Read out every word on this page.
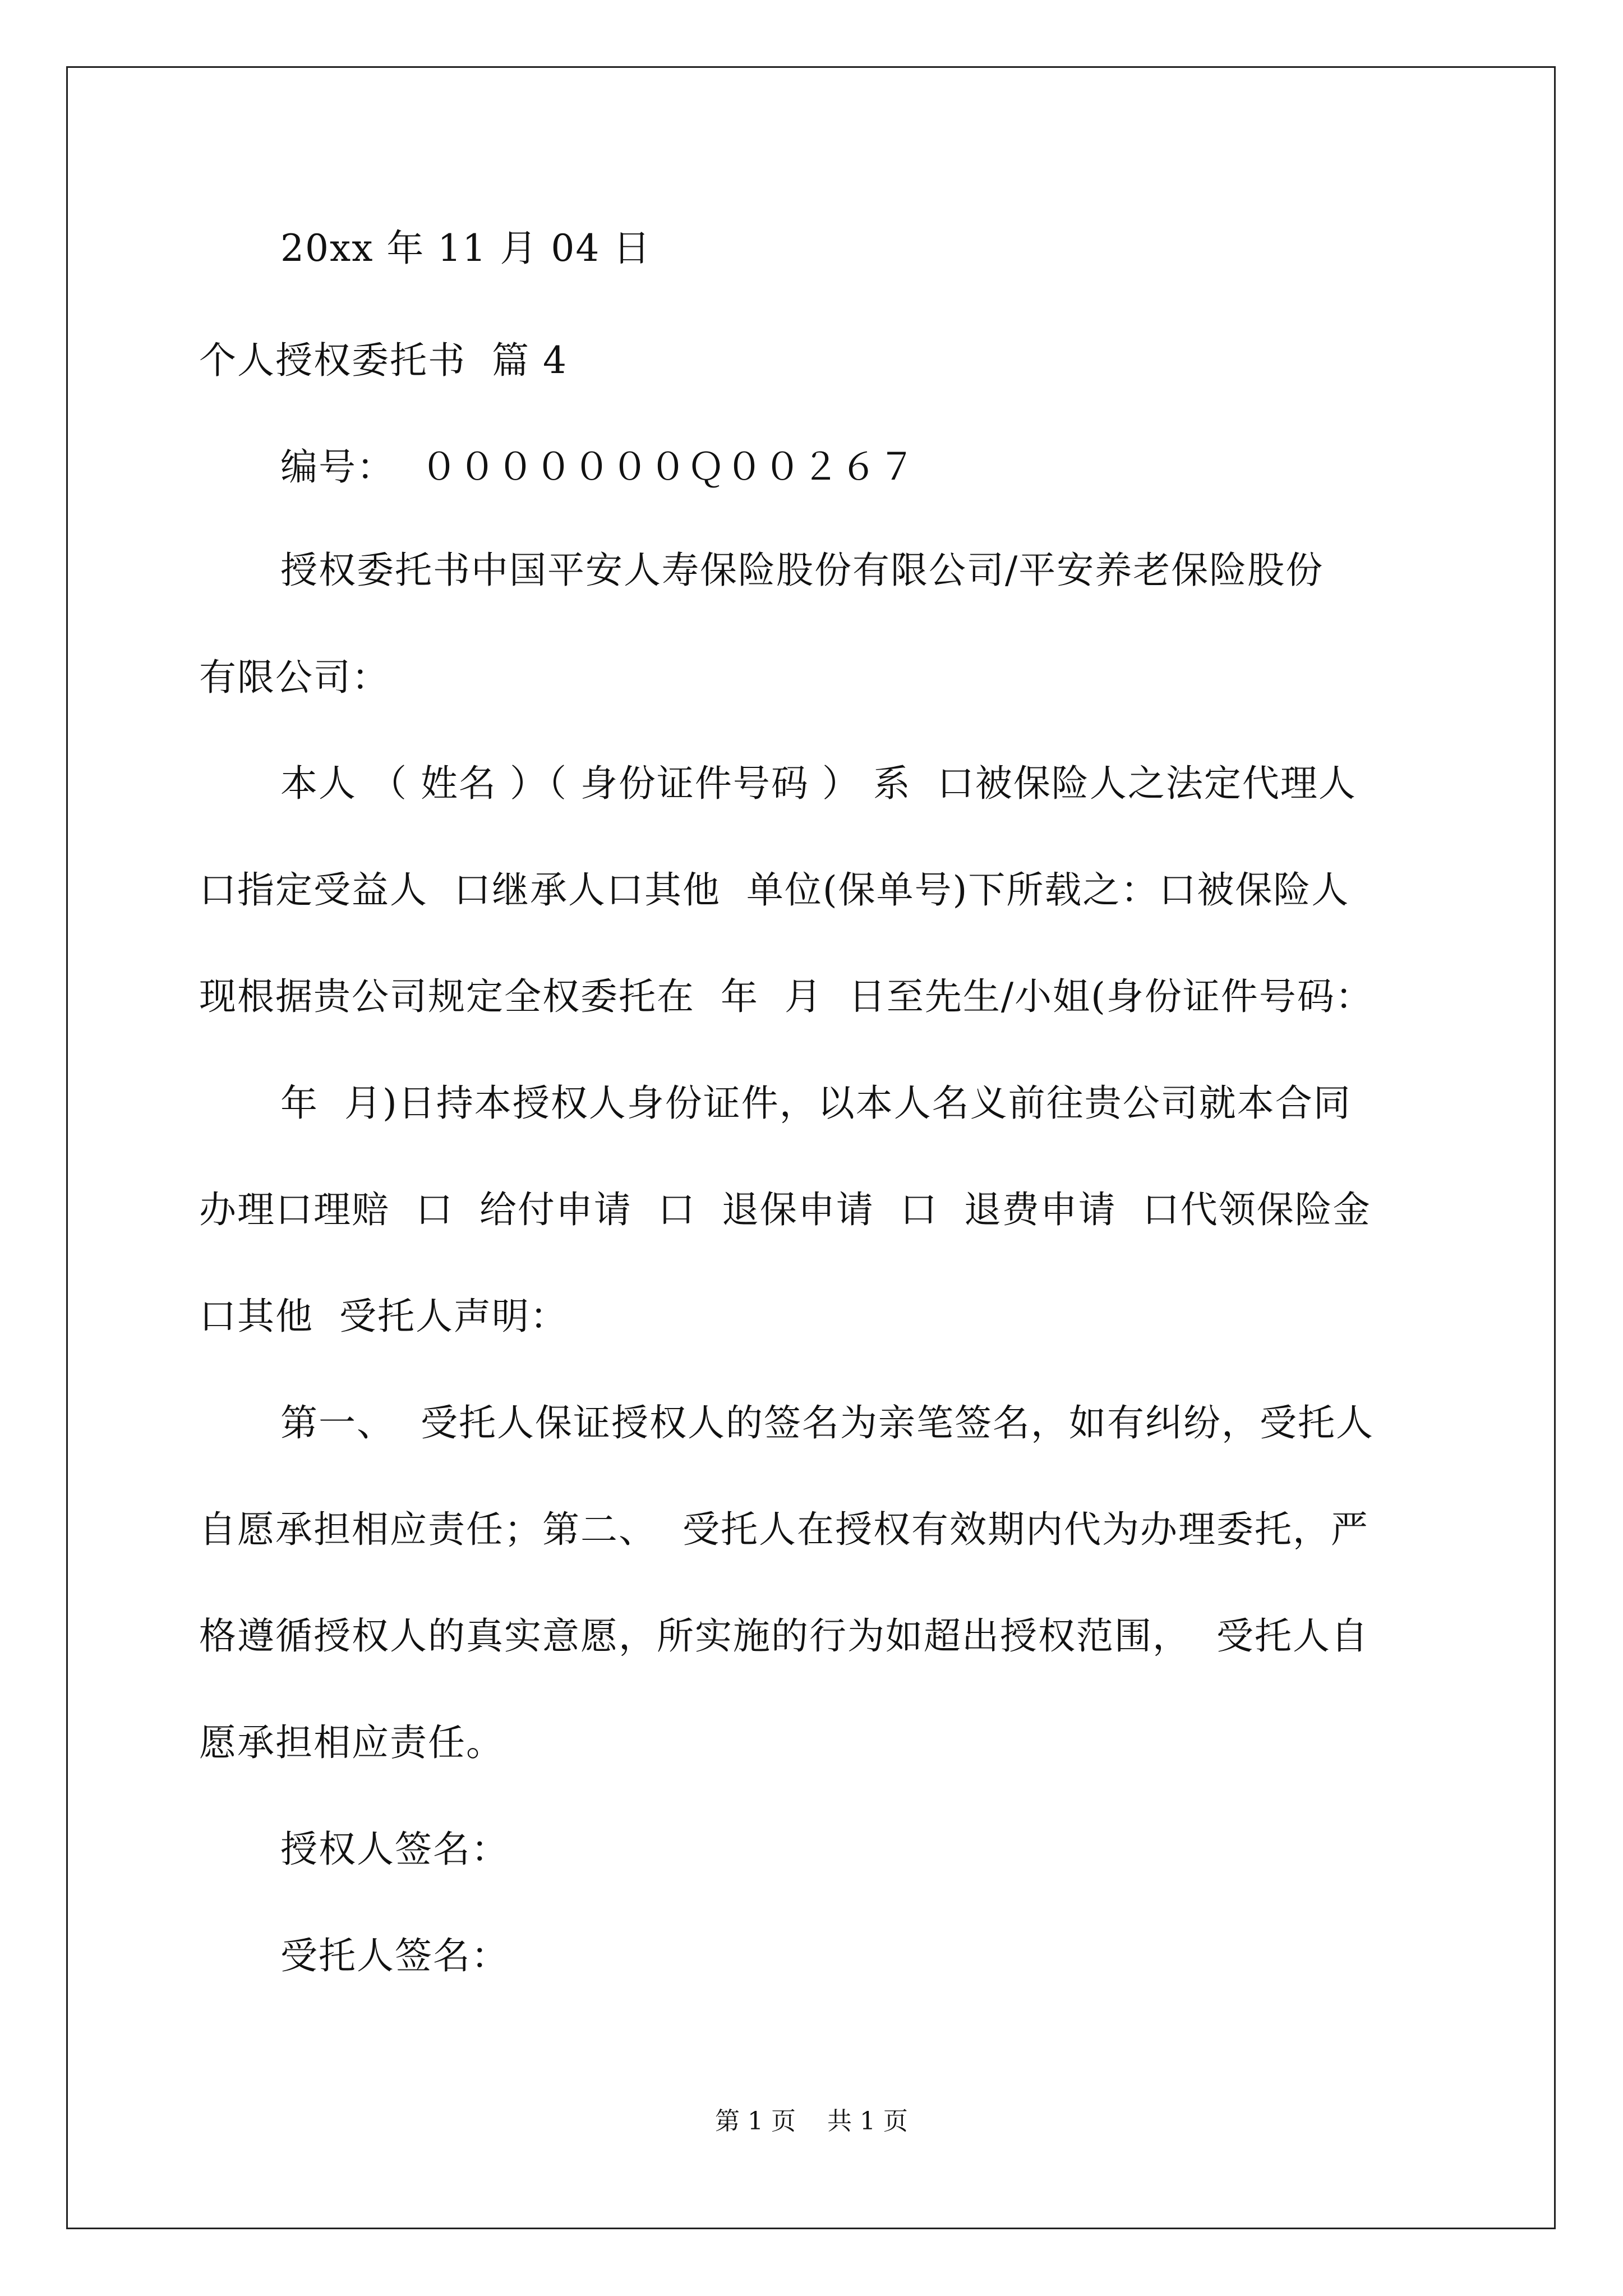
20xx 年 11 月 04 日
个人授权委托书  篇 4
编号：  ０００００００Ｑ００２６７
授权委托书中国平安人寿保险股份有限公司/平安养老保险股份
有限公司：
本人 （ 姓名 ）（ 身份证件号码 ） 系  口被保险人之法定代理人
口指定受益人  口继承人口其他  单位(保单号)下所载之：口被保险人
现根据贵公司规定全权委托在  年  月  日至先生/小姐(身份证件号码：
年  月)日持本授权人身份证件，以本人名义前往贵公司就本合同
办理口理赔  口  给付申请  口  退保申请  口  退费申请  口代领保险金
口其他  受托人声明：
第一、  受托人保证授权人的签名为亲笔签名，如有纠纷，受托人
自愿承担相应责任；第二、  受托人在授权有效期内代为办理委托，严
格遵循授权人的真实意愿，所实施的行为如超出授权范围，  受托人自
愿承担相应责任。
授权人签名：
受托人签名：
第 1 页    共 1 页
